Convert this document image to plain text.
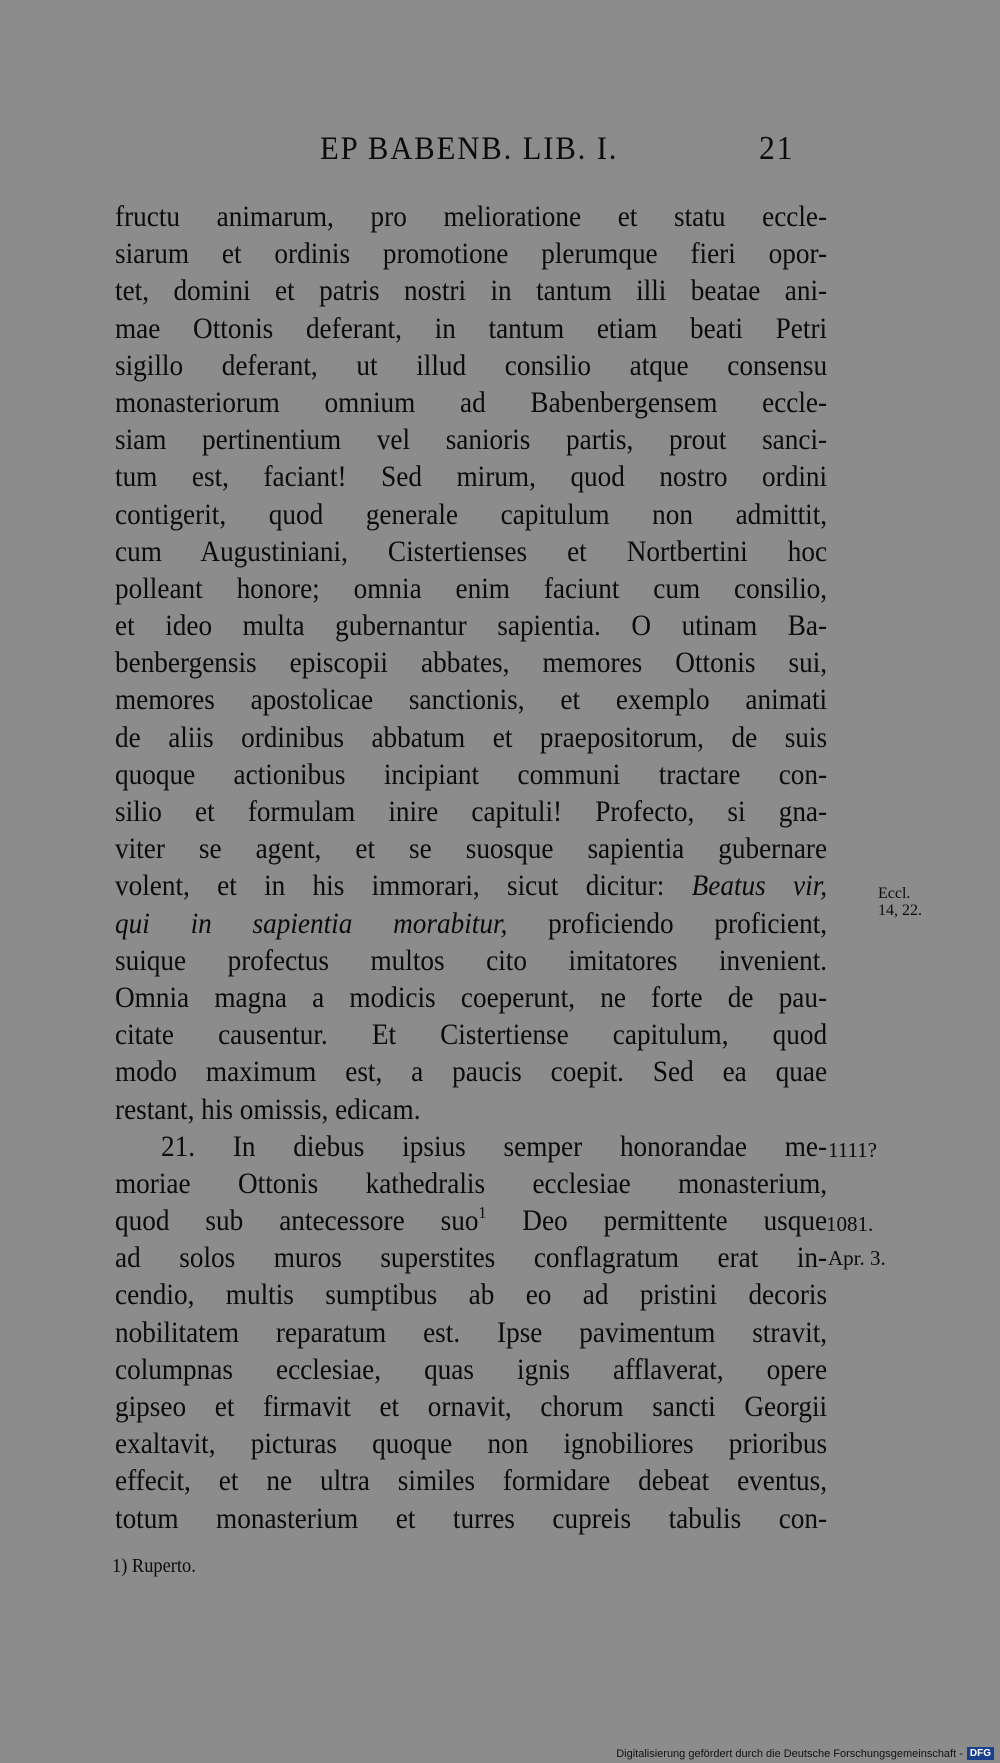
EP BABENB. LIB. I.	21
fructu animarum, pro melioratione et statu eccle-
siarum et ordinis promotione plerumque fieri opor-
tet, domini et patris nostri in tantum illi beatae ani-
mae Ottonis deferant, in tantum etiam beati Petri
sigillo deferant, ut illud consilio atque consensu
monasteriorum omnium ad Babenbergensem eccle-
siam pertinentium vel sanioris partis, prout sanci-
tum est, faciant! Sed mirum, quod nostro ordini
contigerit, quod generale capitulum non admittit,
cum Augustiniani, Cistertienses et Nortbertini hoc
polleant honore; omnia enim faciunt cum consilio,
et ideo multa gubernantur sapientia. O utinam Ba-
benbergensis episcopii abbates, memores Ottonis sui,
memores apostolicae sanctionis, et exemplo animati
de aliis ordinibus abbatum et praepositorum, de suis
quoque actionibus incipiant communi tractare con-
silio et formulam inire capituli! Profecto, si gna-
viter se agent, et se suosque sapientia gubernare
volent, et in his immorari, sicut dicitur: Beatus vir,
qui in sapientia morabitur, proficiendo proficient,
suique profectus multos cito imitatores invenient.
Omnia magna a modicis coeperunt, ne forte de pau-
citate causentur. Et Cistertiense capitulum, quod
modo maximum est, a paucis coepit. Sed ea quae
restant, his omissis, edicam.
21. In diebus ipsius semper honorandae me-
moriae Ottonis kathedralis ecclesiae monasterium,
quod sub antecessore suo$^1$ Deo permittente usque
ad solos muros superstites conflagratum erat in-
cendio, multis sumptibus ab eo ad pristini decoris
nobilitatem reparatum est. Ipse pavimentum stravit,
columpnas ecclesiae, quas ignis afflaverat, opere
gipseo et firmavit et ornavit, chorum sancti Georgii
exaltavit, picturas quoque non ignobiliores prioribus
effecit, et ne ultra similes formidare debeat eventus,
totum monasterium et turres cupreis tabulis con-
Eccl.
14, 22.
1111?
1081.
Apr. 3.
1) Ruperto.
Digitalisierung gefördert durch die Deutsche Forschungsgemeinschaft - DFG
